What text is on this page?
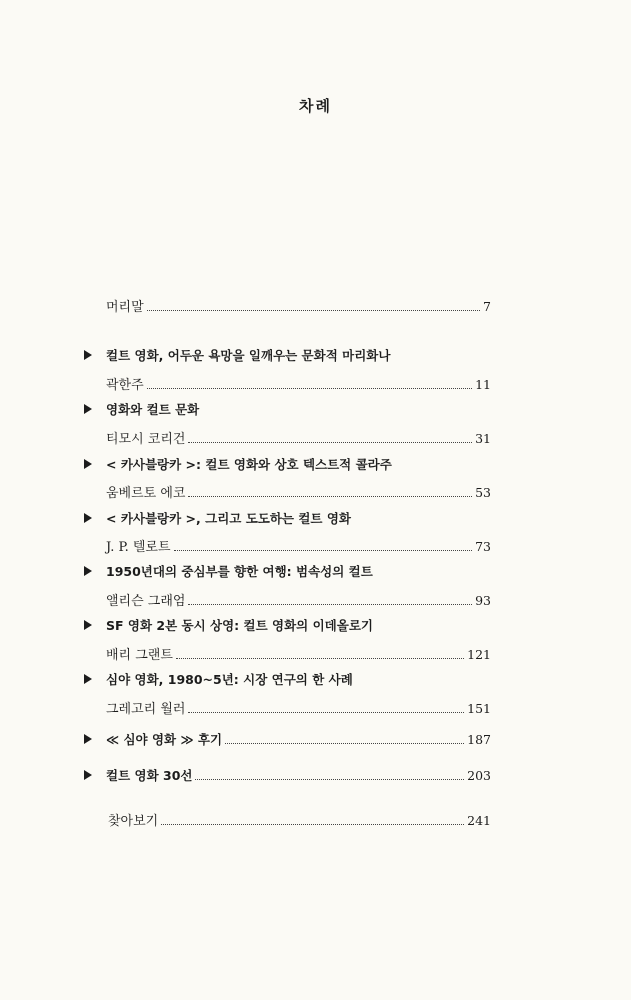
차례
머리말	7
컬트 영화, 어두운 욕망을 일깨우는 문화적 마리화나
곽한주	11
영화와 컬트 문화
티모시 코리건	31
< 카사블랑카 >: 컬트 영화와 상호 텍스트적 콜라주
움베르토 에코	53
< 카사블랑카 >, 그리고 도도하는 컬트 영화
J. P. 텔로트	73
1950년대의 중심부를 향한 여행: 범속성의 컬트
앨리슨 그래엄	93
SF 영화 2본 동시 상영: 컬트 영화의 이데올로기
배리 그랜트	121
심야 영화, 1980~5년: 시장 연구의 한 사례
그레고리 월러	151
≪ 심야 영화 ≫ 후기	187
컬트 영화 30선	203
찾아보기	241
